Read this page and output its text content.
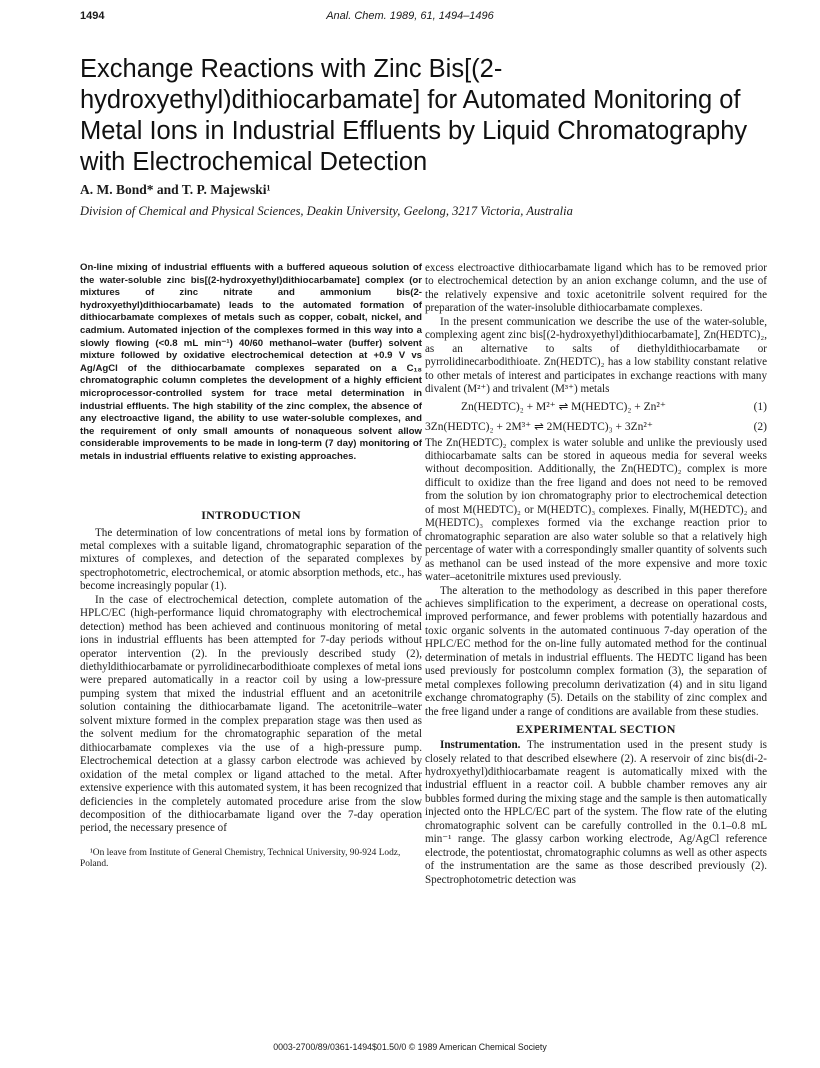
1494	Anal. Chem. 1989, 61, 1494–1496
Exchange Reactions with Zinc Bis[(2-hydroxyethyl)dithiocarbamate] for Automated Monitoring of Metal Ions in Industrial Effluents by Liquid Chromatography with Electrochemical Detection
A. M. Bond* and T. P. Majewski¹
Division of Chemical and Physical Sciences, Deakin University, Geelong, 3217 Victoria, Australia

On-line mixing of industrial effluents with a buffered aqueous solution of the water-soluble zinc bis[(2-hydroxyethyl)dithiocarbamate] complex (or mixtures of zinc nitrate and ammonium bis(2-hydroxyethyl)dithiocarbamate) leads to the automated formation of dithiocarbamate complexes of metals such as copper, cobalt, nickel, and cadmium. Automated injection of the complexes formed in this way into a slowly flowing (<0.8 mL min⁻¹) 40/60 methanol–water (buffer) solvent mixture followed by oxidative electrochemical detection at +0.9 V vs Ag/AgCl of the dithiocarbamate complexes separated on a C₁₈ chromatographic column completes the development of a highly efficient microprocessor-controlled system for trace metal determination in industrial effluents. The high stability of the zinc complex, the absence of any electroactive ligand, the ability to use water-soluble complexes, and the requirement of only small amounts of nonaqueous solvent allow considerable improvements to be made in long-term (7 day) monitoring of metals in industrial effluents relative to existing approaches.

INTRODUCTION

The determination of low concentrations of metal ions by formation of metal complexes with a suitable ligand, chromatographic separation of the mixtures of complexes, and detection of the separated complexes by spectrophotometric, electrochemical, or atomic absorption methods, etc., has become increasingly popular (1).

In the case of electrochemical detection, complete automation of the HPLC/EC (high-performance liquid chromatography with electrochemical detection) method has been achieved and continuous monitoring of metal ions in industrial effluents has been attempted for 7-day periods without operator intervention (2). In the previously described study (2), diethyldithiocarbamate or pyrrolidinecarbodithioate complexes of metal ions were prepared automatically in a reactor coil by using a low-pressure pumping system that mixed the industrial effluent and an acetonitrile solution containing the dithiocarbamate ligand. The acetonitrile–water solvent mixture formed in the complex preparation stage was then used as the solvent medium for the chromatographic separation of the metal dithiocarbamate complexes via the use of a high-pressure pump. Electrochemical detection at a glassy carbon electrode was achieved by oxidation of the metal complex or ligand attached to the metal. After extensive experience with this automated system, it has been recognized that deficiencies in the completely automated procedure arise from the slow decomposition of the dithiocarbamate ligand over the 7-day operation period, the necessary presence of

¹On leave from Institute of General Chemistry, Technical University, 90-924 Lodz, Poland.

excess electroactive dithiocarbamate ligand which has to be removed prior to electrochemical detection by an anion exchange column, and the use of the relatively expensive and toxic acetonitrile solvent required for the preparation of the water-insoluble dithiocarbamate complexes.

In the present communication we describe the use of the water-soluble, complexing agent zinc bis[(2-hydroxyethyl)dithiocarbamate], Zn(HEDTC)₂, as an alternative to salts of diethyldithiocarbamate or pyrrolidinecarbodithioate. Zn(HEDTC)₂ has a low stability constant relative to other metals of interest and participates in exchange reactions with many divalent (M²⁺) and trivalent (M³⁺) metals

Zn(HEDTC)₂ + M²⁺ ⇌ M(HEDTC)₂ + Zn²⁺	(1)

3Zn(HEDTC)₂ + 2M³⁺ ⇌ 2M(HEDTC)₃ + 3Zn²⁺	(2)

The Zn(HEDTC)₂ complex is water soluble and unlike the previously used dithiocarbamate salts can be stored in aqueous media for several weeks without decomposition. Additionally, the Zn(HEDTC)₂ complex is more difficult to oxidize than the free ligand and does not need to be removed from the solution by ion chromatography prior to electrochemical detection of most M(HEDTC)₂ or M(HEDTC)₃ complexes. Finally, M(HEDTC)₂ and M(HEDTC)₃ complexes formed via the exchange reaction prior to chromatographic separation are also water soluble so that a relatively high percentage of water with a correspondingly smaller quantity of solvents such as methanol can be used instead of the more expensive and more toxic water–acetonitrile mixtures used previously.

The alteration to the methodology as described in this paper therefore achieves simplification to the experiment, a decrease on operational costs, improved performance, and fewer problems with potentially hazardous and toxic organic solvents in the automated continuous 7-day operation of the HPLC/EC method for the on-line fully automated method for the continual determination of metals in industrial effluents. The HEDTC ligand has been used previously for postcolumn complex formation (3), the separation of metal complexes following precolumn derivatization (4) and in situ ligand exchange chromatography (5). Details on the stability of zinc complex and the free ligand under a range of conditions are available from these studies.

EXPERIMENTAL SECTION

Instrumentation. The instrumentation used in the present study is closely related to that described elsewhere (2). A reservoir of zinc bis(di-2-hydroxyethyl)dithiocarbamate reagent is automatically mixed with the industrial effluent in a reactor coil. A bubble chamber removes any air bubbles formed during the mixing stage and the sample is then automatically injected onto the HPLC/EC part of the system. The flow rate of the eluting chromatographic solvent can be carefully controlled in the 0.1–0.8 mL min⁻¹ range. The glassy carbon working electrode, Ag/AgCl reference electrode, the potentiostat, chromatographic columns as well as other aspects of the instrumentation are the same as those described previously (2). Spectrophotometric detection was

0003-2700/89/0361-1494$01.50/0 © 1989 American Chemical Society
